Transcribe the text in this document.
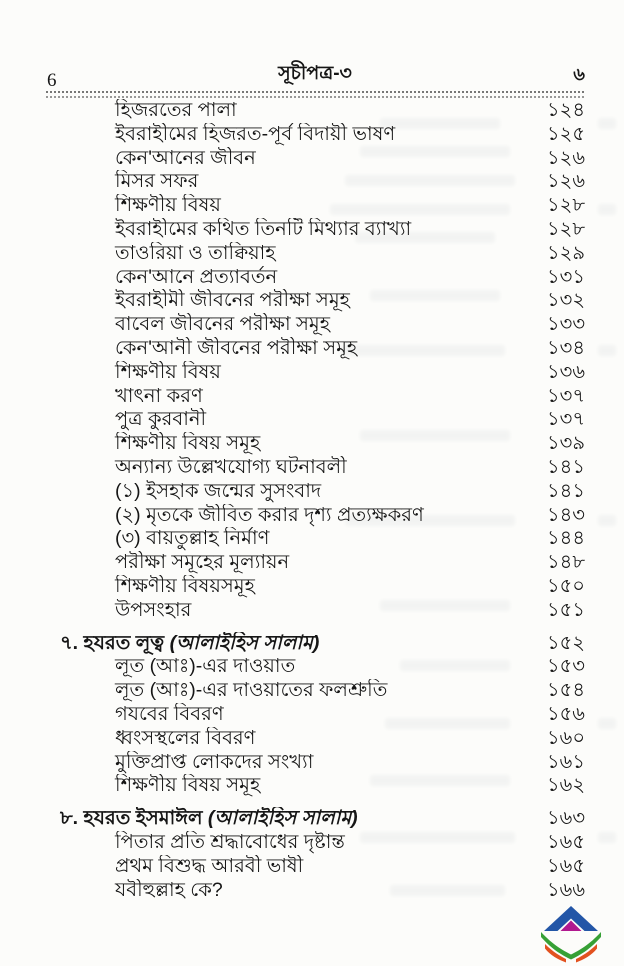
6	সূচীপত্র-৩	৬
হিজরতের পালা	১২৪
ইবরাহীমের হিজরত-পূর্ব বিদায়ী ভাষণ	১২৫
কেন'আনের জীবন	১২৬
মিসর সফর	১২৬
শিক্ষণীয় বিষয়	১২৮
ইবরাহীমের কথিত তিনটি মিথ্যার ব্যাখ্যা	১২৮
তাওরিয়া ও তাক্বিয়াহ	১২৯
কেন'আনে প্রত্যাবর্তন	১৩১
ইবরাহীমী জীবনের পরীক্ষা সমূহ	১৩২
বাবেল জীবনের পরীক্ষা সমূহ	১৩৩
কেন'আনী জীবনের পরীক্ষা সমূহ	১৩৪
শিক্ষণীয় বিষয়	১৩৬
খাৎনা করণ	১৩৭
পুত্র কুরবানী	১৩৭
শিক্ষণীয় বিষয় সমূহ	১৩৯
অন্যান্য উল্লেখযোগ্য ঘটনাবলী	১৪১
(১) ইসহাক জন্মের সুসংবাদ	১৪১
(২) মৃতকে জীবিত করার দৃশ্য প্রত্যক্ষকরণ	১৪৩
(৩) বায়তুল্লাহ নির্মাণ	১৪৪
পরীক্ষা সমূহের মূল্যায়ন	১৪৮
শিক্ষণীয় বিষয়সমূহ	১৫০
উপসংহার	১৫১
৭. হযরত লূত্ব (আলাইহিস সালাম)	১৫২
লূত (আঃ)-এর দাওয়াত	১৫৩
লূত (আঃ)-এর দাওয়াতের ফলশ্রুতি	১৫৪
গযবের বিবরণ	১৫৬
ধ্বংসস্থলের বিবরণ	১৬০
মুক্তিপ্রাপ্ত লোকদের সংখ্যা	১৬১
শিক্ষণীয় বিষয় সমূহ	১৬২
৮. হযরত ইসমাঈল (আলাইহিস সালাম)	১৬৩
পিতার প্রতি শ্রদ্ধাবোধের দৃষ্টান্ত	১৬৫
প্রথম বিশুদ্ধ আরবী ভাষী	১৬৫
যবীহুল্লাহ কে?	১৬৬
